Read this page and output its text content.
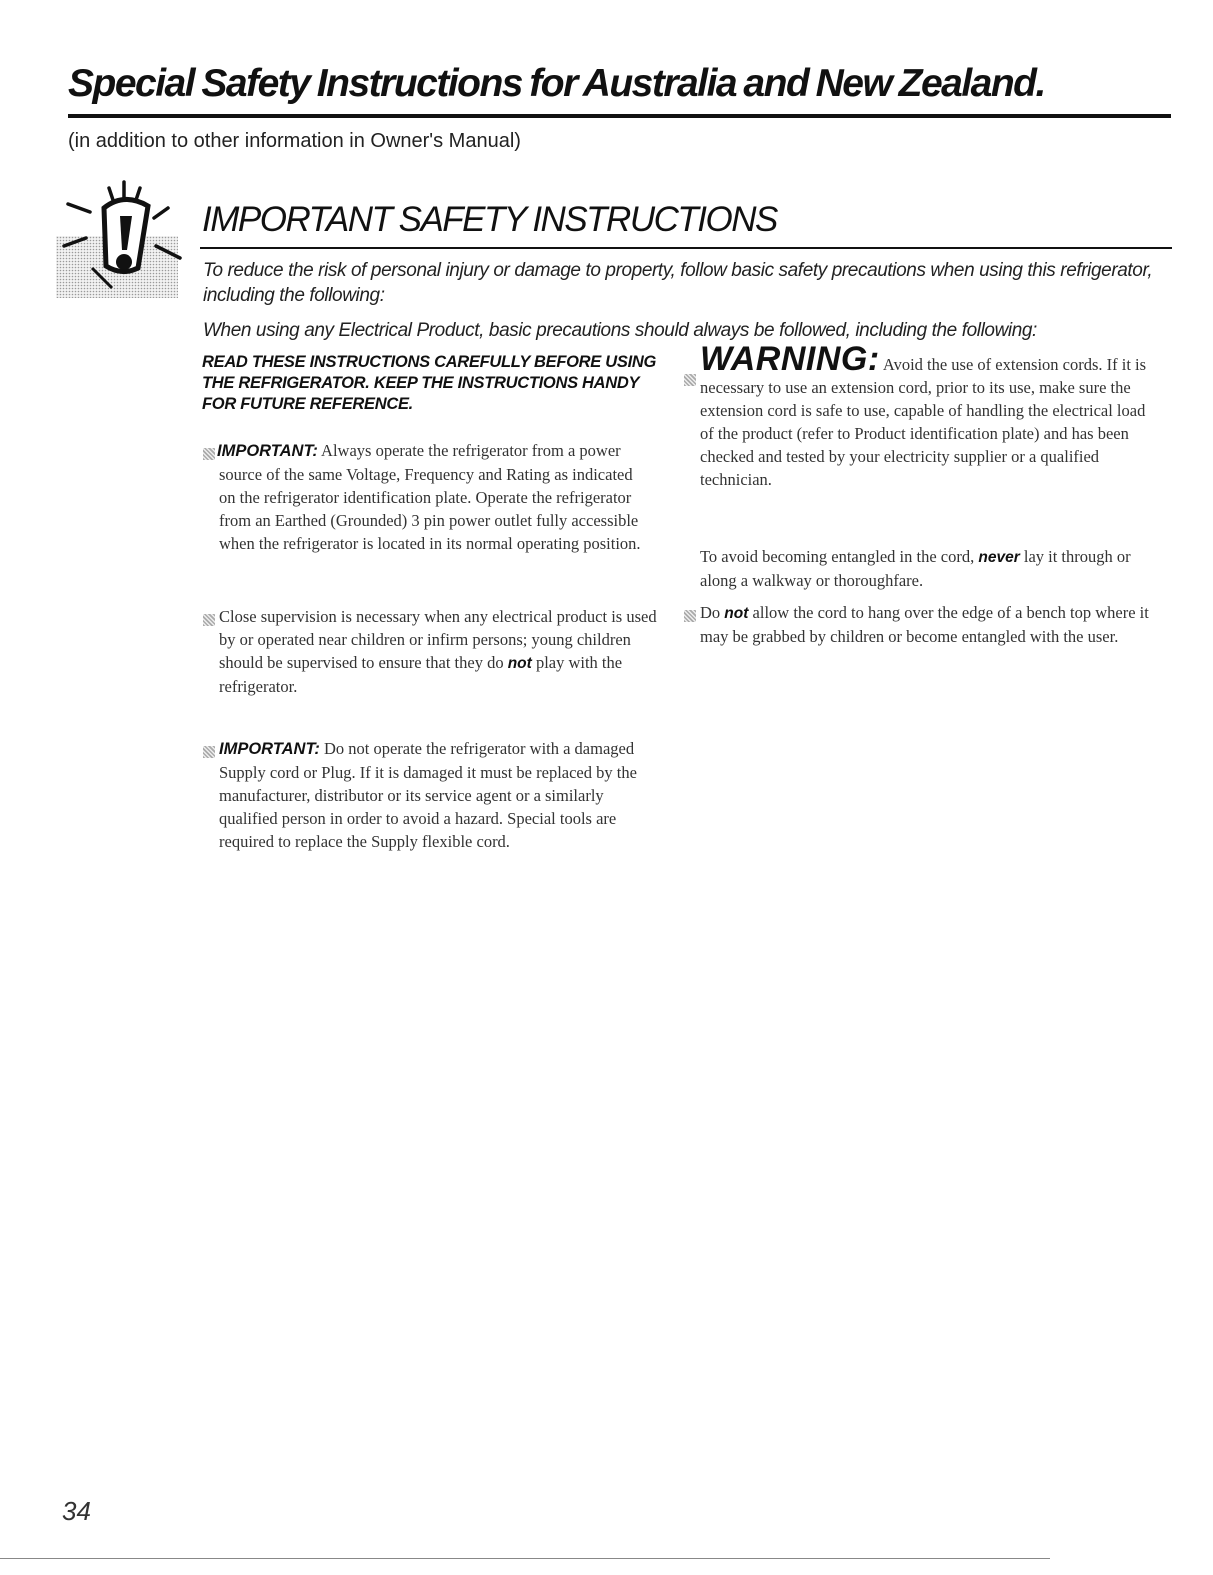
Special Safety Instructions for Australia and New Zealand.
(in addition to other information in Owner's Manual)
IMPORTANT SAFETY INSTRUCTIONS
To reduce the risk of personal injury or damage to property, follow basic safety precautions when using this refrigerator, including the following:
When using any Electrical Product, basic precautions should always be followed, including the following:
READ THESE INSTRUCTIONS CAREFULLY BEFORE USING THE REFRIGERATOR. KEEP THE INSTRUCTIONS HANDY FOR FUTURE REFERENCE.
IMPORTANT: Always operate the refrigerator from a power source of the same Voltage, Frequency and Rating as indicated on the refrigerator identification plate. Operate the refrigerator from an Earthed (Grounded) 3 pin power outlet fully accessible when the refrigerator is located in its normal operating position.
Close supervision is necessary when any electrical product is used by or operated near children or infirm persons; young children should be supervised to ensure that they do not play with the refrigerator.
IMPORTANT: Do not operate the refrigerator with a damaged Supply cord or Plug. If it is damaged it must be replaced by the manufacturer, distributor or its service agent or a similarly qualified person in order to avoid a hazard. Special tools are required to replace the Supply flexible cord.
WARNING: Avoid the use of extension cords. If it is necessary to use an extension cord, prior to its use, make sure the extension cord is safe to use, capable of handling the electrical load of the product (refer to Product identification plate) and has been checked and tested by your electricity supplier or a qualified technician.
To avoid becoming entangled in the cord, never lay it through or along a walkway or thoroughfare.
Do not allow the cord to hang over the edge of a bench top where it may be grabbed by children or become entangled with the user.
34
